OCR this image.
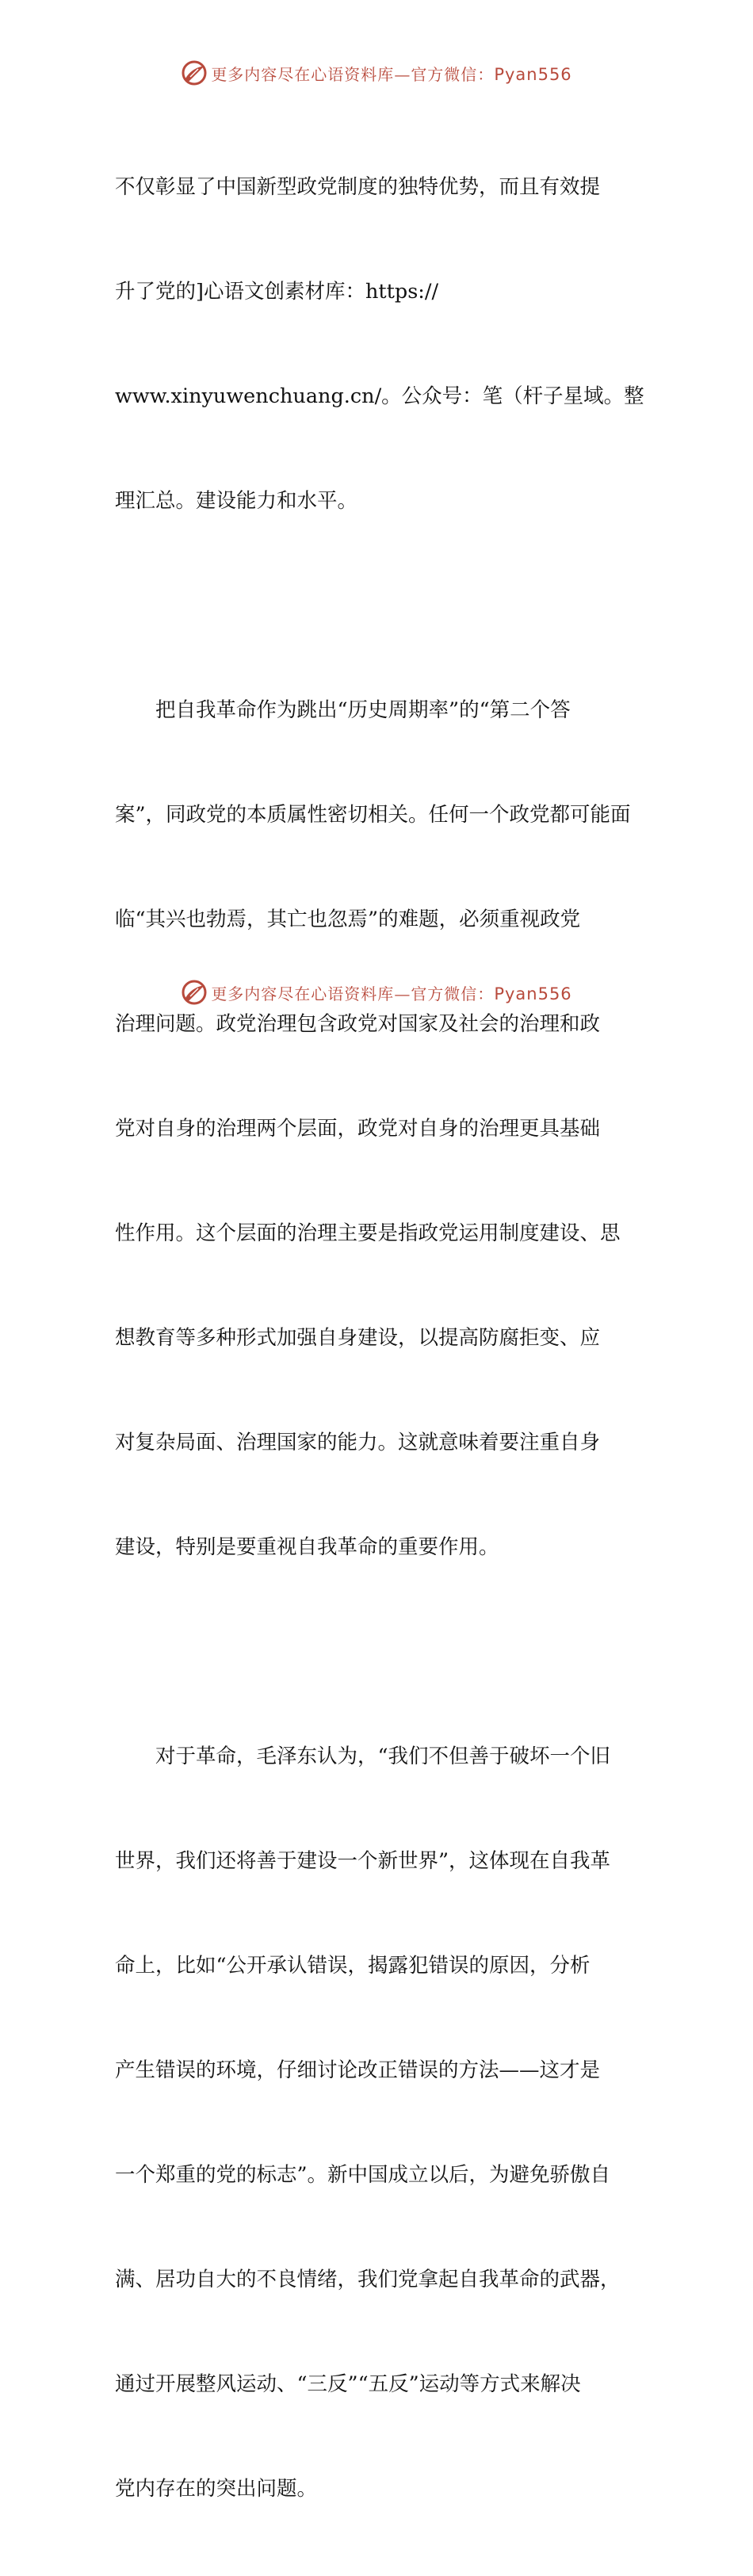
更多内容尽在心语资料库—官方微信：Pyan556

不仅彰显了中国新型政党制度的独特优势，而且有效提

升了党的]心语文创素材库：https://

www.xinyuwenchuang.cn/。公众号：笔（杆子星域。整

理汇总。建设能力和水平。

　　把自我革命作为跳出“历史周期率”的“第二个答

案”，同政党的本质属性密切相关。任何一个政党都可能面

临“其兴也勃焉，其亡也忽焉”的难题，必须重视政党

治理问题。政党治理包含政党对国家及社会的治理和政

党对自身的治理两个层面，政党对自身的治理更具基础

性作用。这个层面的治理主要是指政党运用制度建设、思

想教育等多种形式加强自身建设，以提高防腐拒变、应

对复杂局面、治理国家的能力。这就意味着要注重自身

建设，特别是要重视自我革命的重要作用。

　　对于革命，毛泽东认为，“我们不但善于破坏一个旧

世界，我们还将善于建设一个新世界”，这体现在自我革

命上，比如“公开承认错误，揭露犯错误的原因，分析

产生错误的环境，仔细讨论改正错误的方法——这才是

一个郑重的党的标志”。新中国成立以后，为避免骄傲自

满、居功自大的不良情绪，我们党拿起自我革命的武器，

通过开展整风运动、“三反”“五反”运动等方式来解决

党内存在的突出问题。

更多内容尽在心语资料库—官方微信：Pyan556
